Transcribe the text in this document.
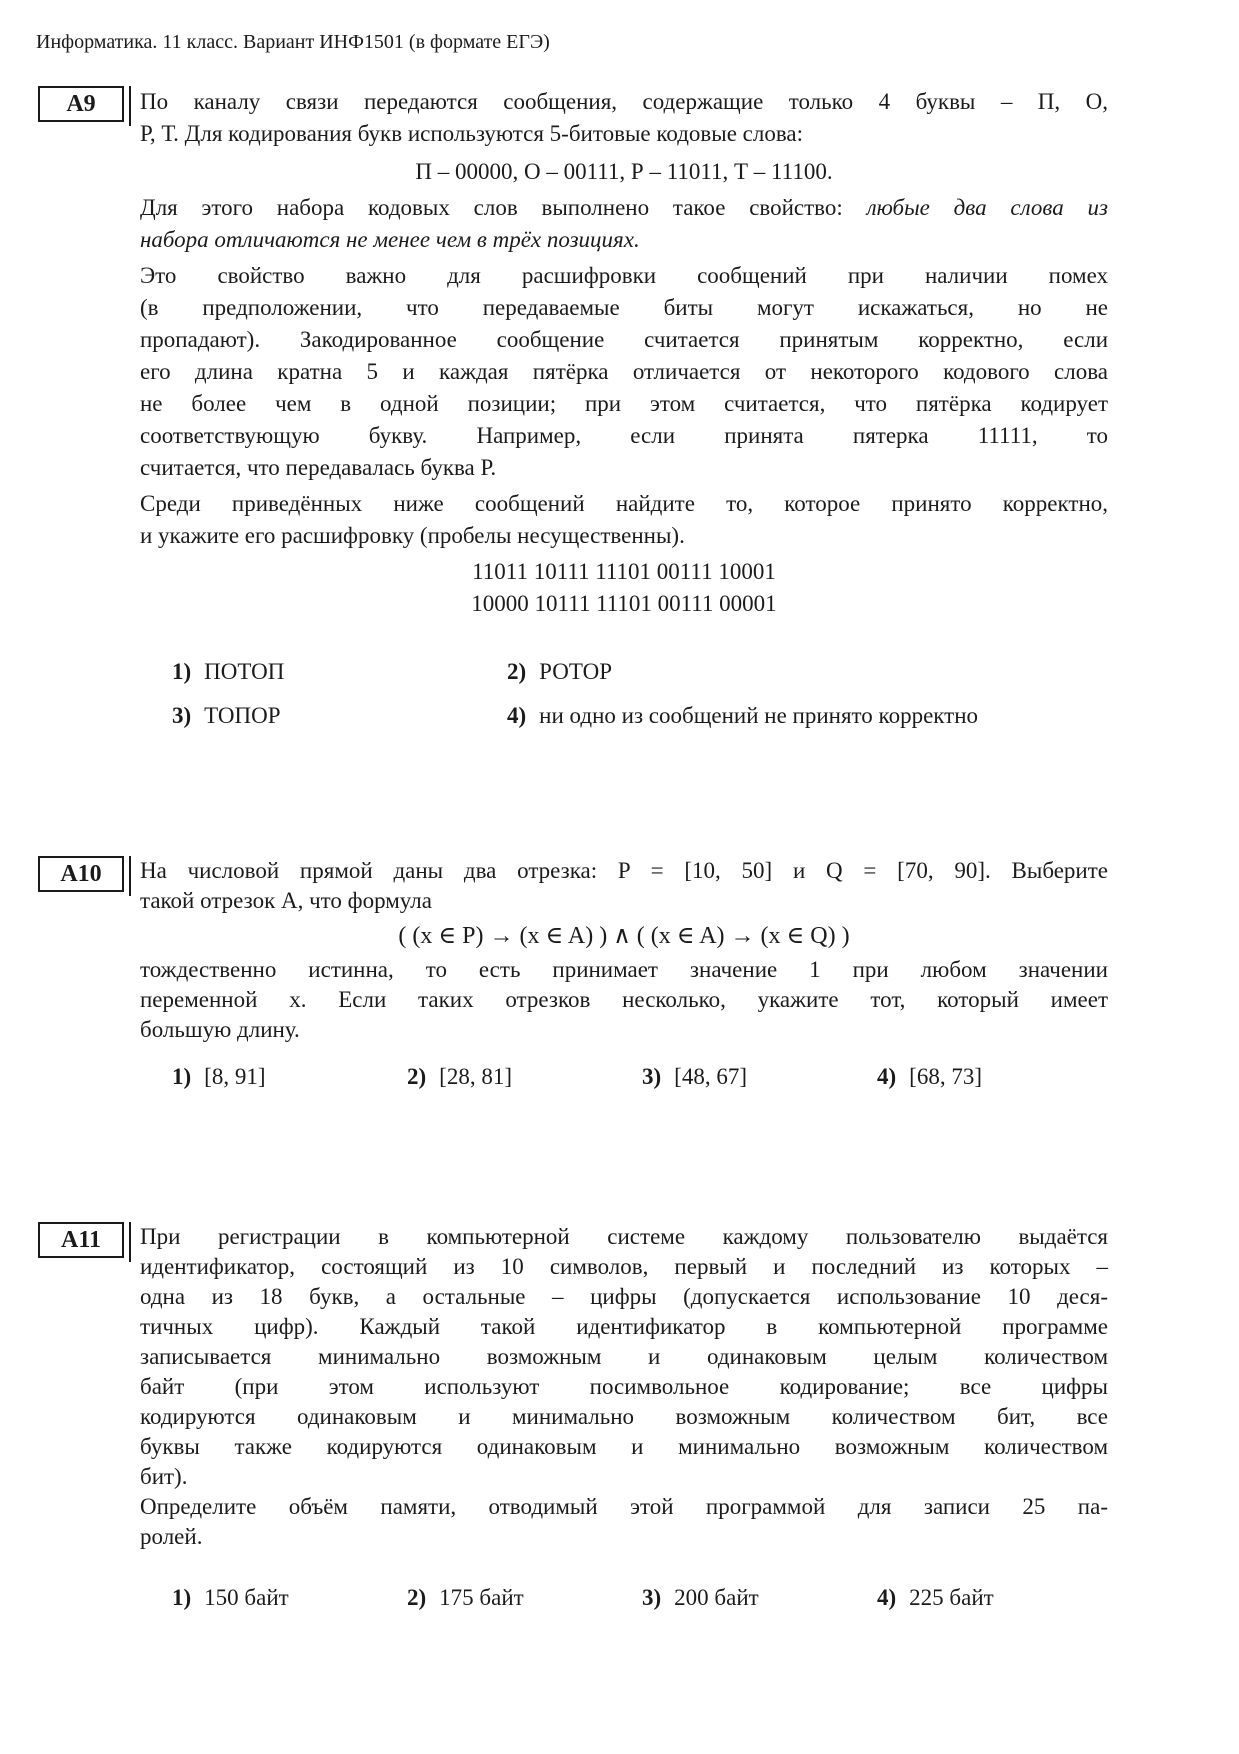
Информатика. 11 класс. Вариант ИНФ1501 (в формате ЕГЭ)
А9	По каналу связи передаются сообщения, содержащие только 4 буквы – П, О,
Р, Т. Для кодирования букв используются 5-битовые кодовые слова:
П – 00000, О – 00111, Р – 11011, Т – 11100.
Для этого набора кодовых слов выполнено такое свойство: любые два слова из
набора отличаются не менее чем в трёх позициях.
Это свойство важно для расшифровки сообщений при наличии помех
(в предположении, что передаваемые биты могут искажаться, но не
пропадают). Закодированное сообщение считается принятым корректно, если
его длина кратна 5 и каждая пятёрка отличается от некоторого кодового слова
не более чем в одной позиции; при этом считается, что пятёрка кодирует
соответствующую букву. Например, если принята пятерка 11111, то
считается, что передавалась буква Р.
Среди приведённых ниже сообщений найдите то, которое принято корректно,
и укажите его расшифровку (пробелы несущественны).
11011 10111 11101 00111 10001
10000 10111 11101 00111 00001
1) ПОТОП	2) РОТОР
3) ТОПОР	4) ни одно из сообщений не принято корректно
А10	На числовой прямой даны два отрезка: P = [10, 50] и Q = [70, 90]. Выберите
такой отрезок A, что формула
( (x ∈ P) → (x ∈ A) ) ∧ ( (x ∈ A) → (x ∈ Q) )
тождественно истинна, то есть принимает значение 1 при любом значении
переменной x. Если таких отрезков несколько, укажите тот, который имеет
большую длину.
1) [8, 91]	2) [28, 81]	3) [48, 67]	4) [68, 73]
А11	При регистрации в компьютерной системе каждому пользователю выдаётся
идентификатор, состоящий из 10 символов, первый и последний из которых –
одна из 18 букв, а остальные – цифры (допускается использование 10 деся-
тичных цифр). Каждый такой идентификатор в компьютерной программе
записывается минимально возможным и одинаковым целым количеством
байт (при этом используют посимвольное кодирование; все цифры
кодируются одинаковым и минимально возможным количеством бит, все
буквы также кодируются одинаковым и минимально возможным количеством
бит).
Определите объём памяти, отводимый этой программой для записи 25 па-
ролей.
1) 150 байт	2) 175 байт	3) 200 байт	4) 225 байт
